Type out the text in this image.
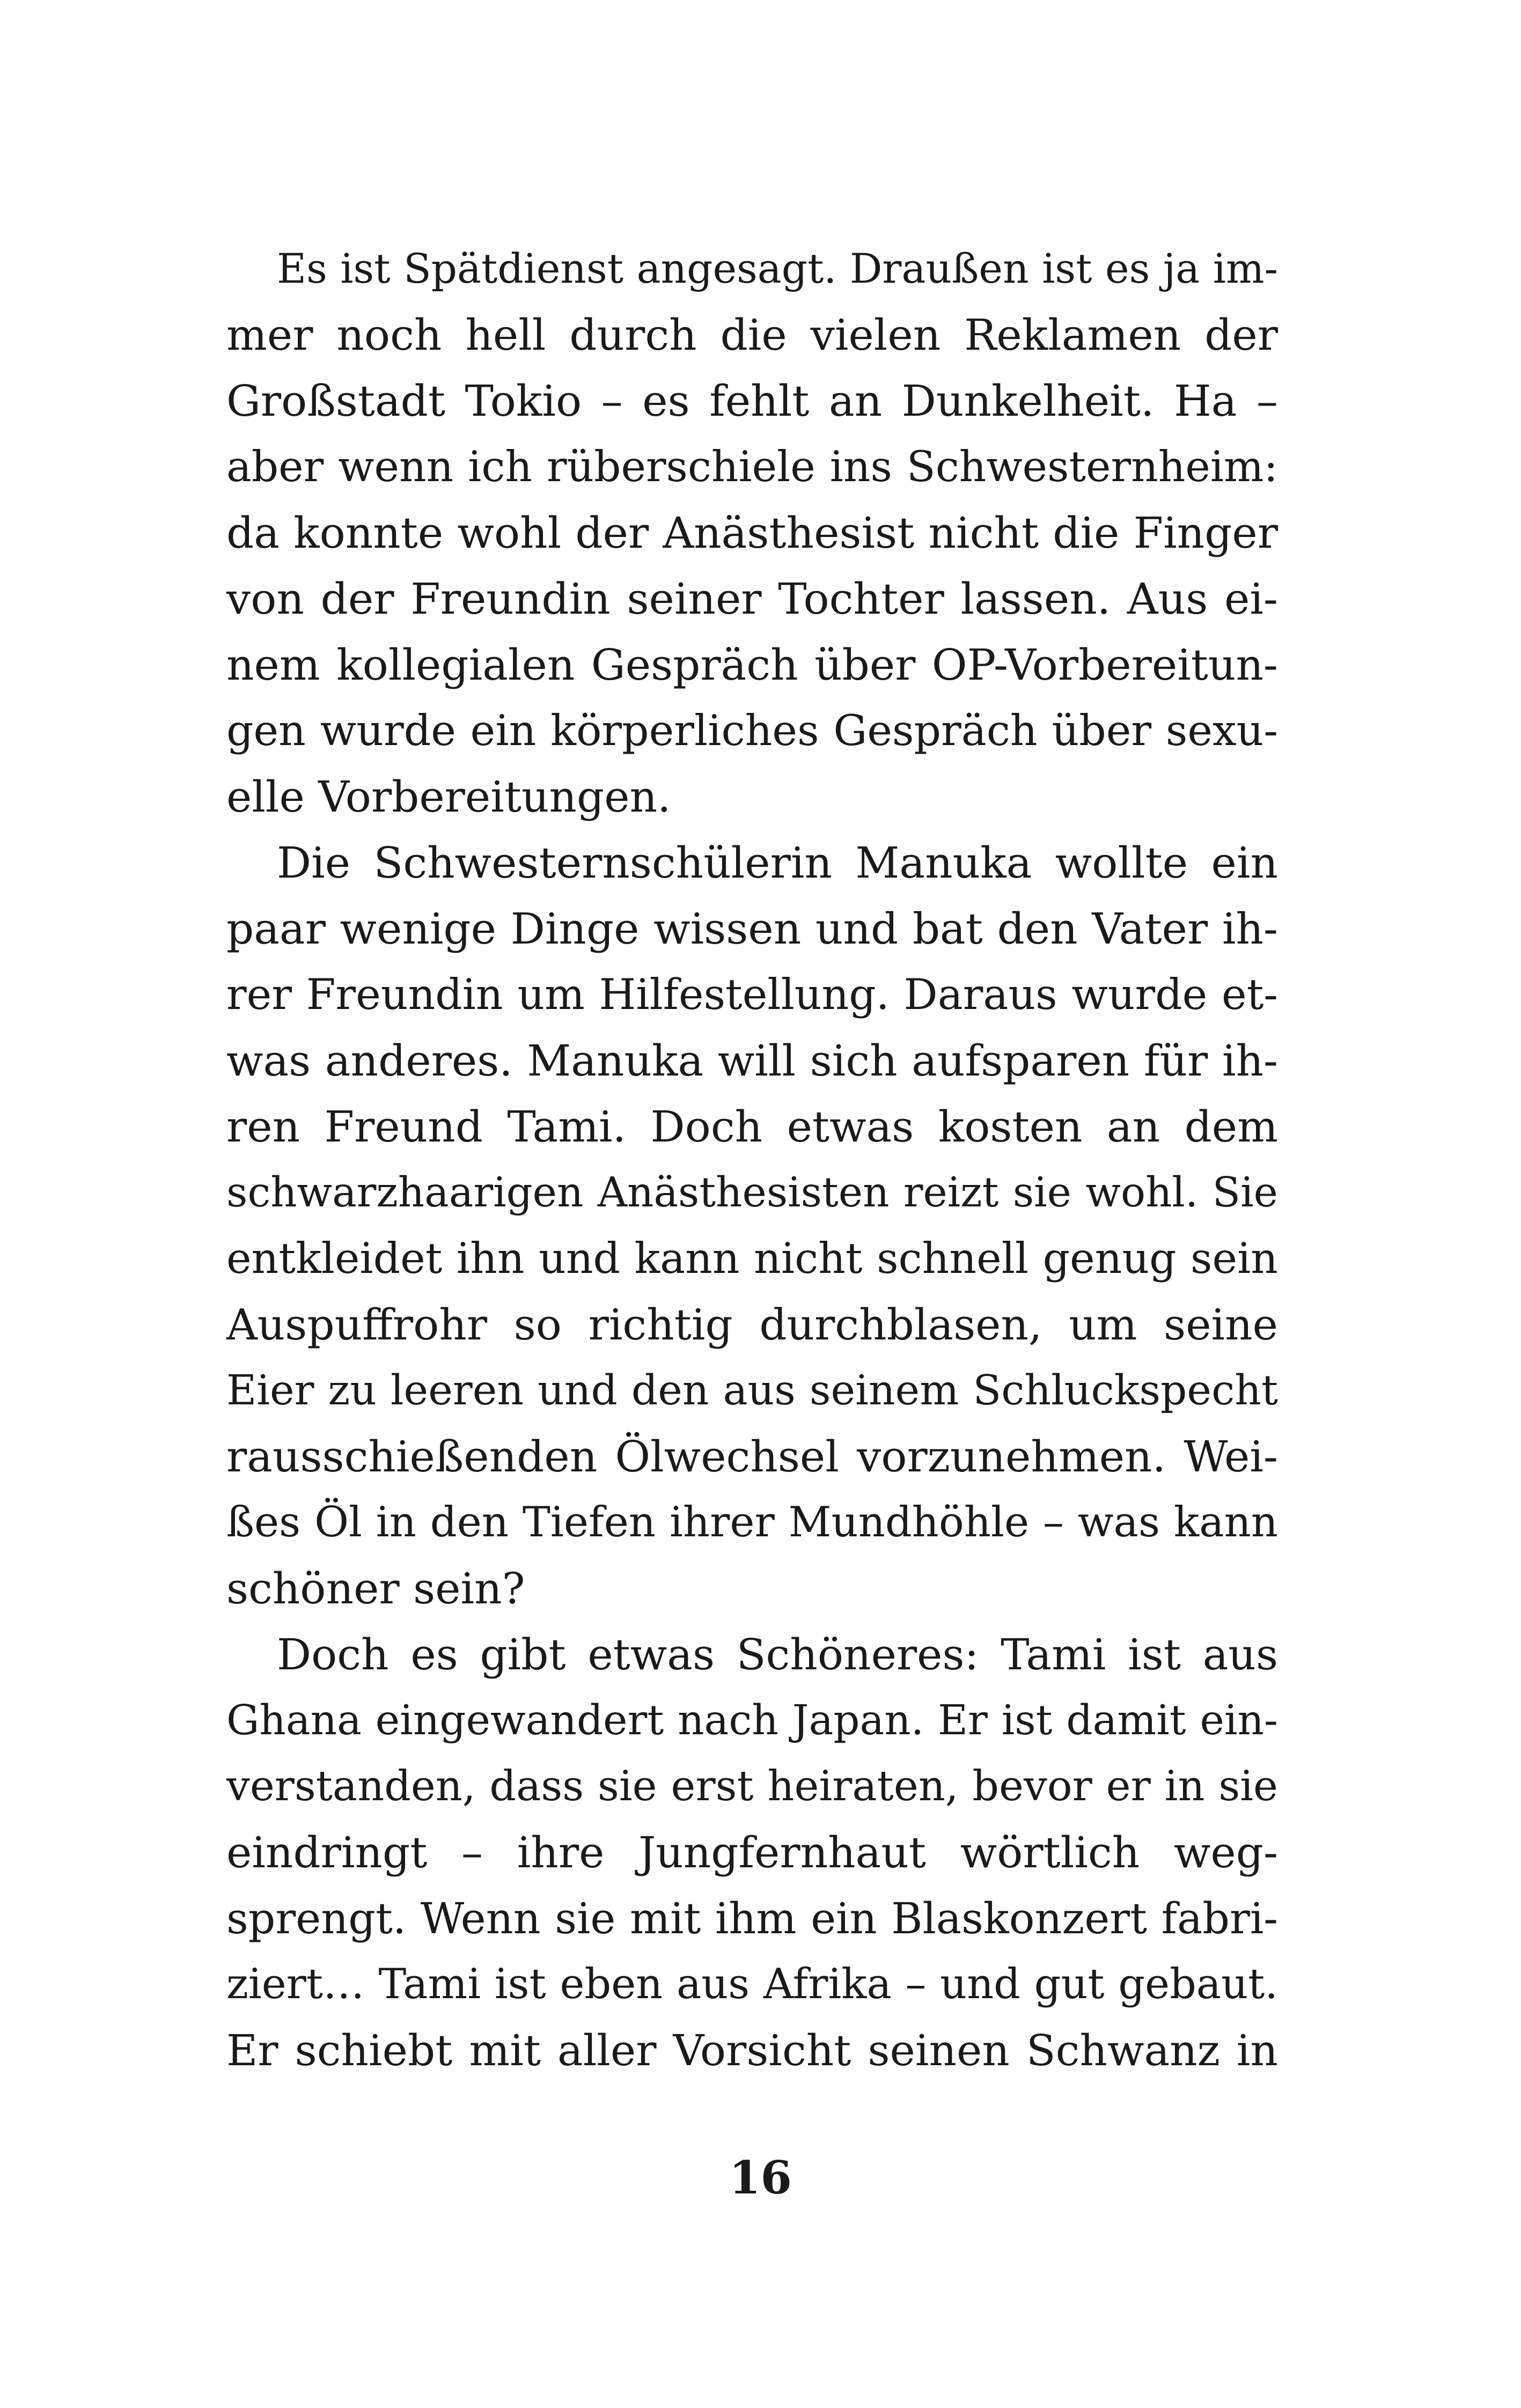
Es ist Spätdienst angesagt. Draußen ist es ja im-
mer noch hell durch die vielen Reklamen der
Großstadt Tokio – es fehlt an Dunkelheit. Ha –
aber wenn ich rüberschiele ins Schwesternheim:
da konnte wohl der Anästhesist nicht die Finger
von der Freundin seiner Tochter lassen. Aus ei-
nem kollegialen Gespräch über OP-Vorbereitun-
gen wurde ein körperliches Gespräch über sexu-
elle Vorbereitungen.
Die Schwesternschülerin Manuka wollte ein
paar wenige Dinge wissen und bat den Vater ih-
rer Freundin um Hilfestellung. Daraus wurde et-
was anderes. Manuka will sich aufsparen für ih-
ren Freund Tami. Doch etwas kosten an dem
schwarzhaarigen Anästhesisten reizt sie wohl. Sie
entkleidet ihn und kann nicht schnell genug sein
Auspuffrohr so richtig durchblasen, um seine
Eier zu leeren und den aus seinem Schluckspecht
rausschießenden Ölwechsel vorzunehmen. Wei-
ßes Öl in den Tiefen ihrer Mundhöhle – was kann
schöner sein?
Doch es gibt etwas Schöneres: Tami ist aus
Ghana eingewandert nach Japan. Er ist damit ein-
verstanden, dass sie erst heiraten, bevor er in sie
eindringt – ihre Jungfernhaut wörtlich weg-
sprengt. Wenn sie mit ihm ein Blaskonzert fabri-
ziert… Tami ist eben aus Afrika – und gut gebaut.
Er schiebt mit aller Vorsicht seinen Schwanz in
16
